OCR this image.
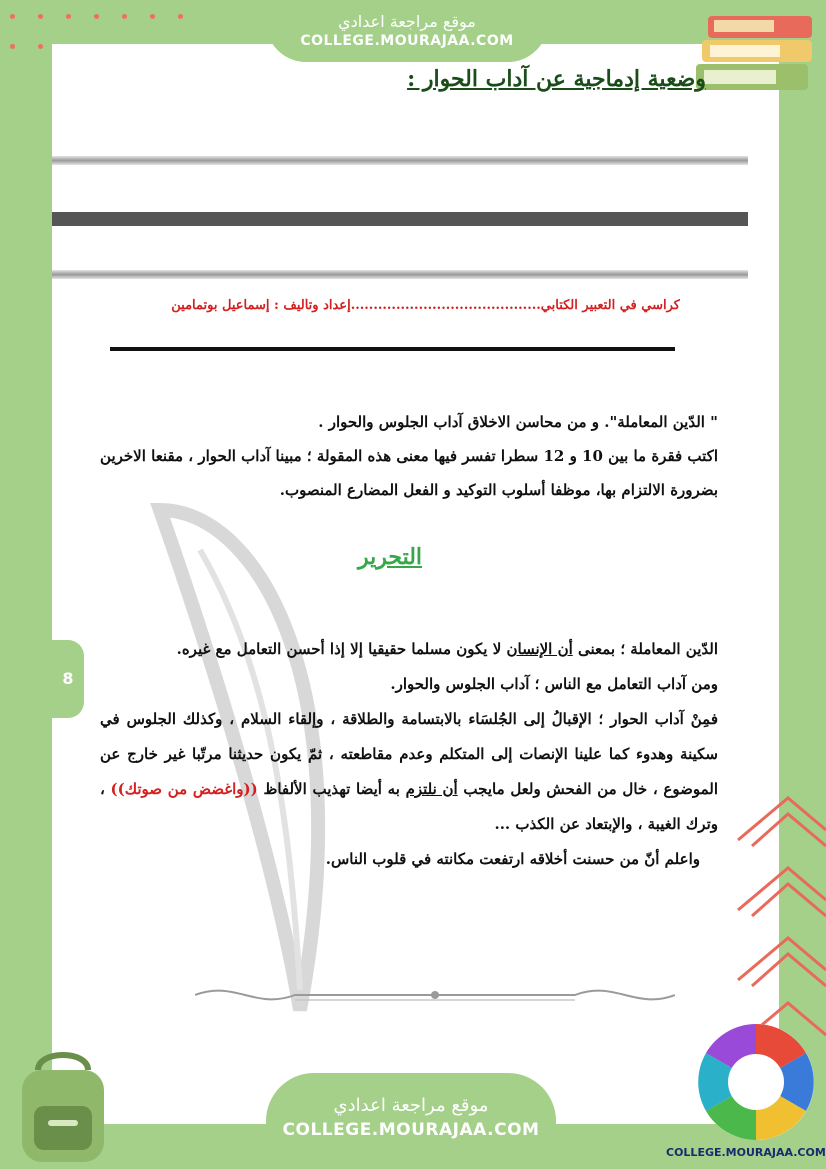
موقع مراجعة اعدادي
COLLEGE.MOURAJAA.COM
وضعية إدماجية عن آداب الحوار :
كراسي في التعبير الكتابي..........................................إعداد وتأليف : إسماعيل بوتمامين
" الدّين المعاملة". و من محاسن الاخلاق آداب الجلوس والحوار .
اكتب فقرة ما بين 10 و 12 سطرا تفسر فيها معنى هذه المقولة ؛ مبينا آداب الحوار ، مقنعا الاخرين
بضرورة الالتزام بها، موظفا أسلوب التوكيد و الفعل المضارع المنصوب.
التحرير
8

الدّين المعاملة ؛ بمعنى أن الإنسان لا يكون مسلما حقيقيا إلا إذا أحسن التعامل مع غيره.

ومن آداب التعامل مع الناس ؛ آداب الجلوس والحوار.

فمِنْ آداب الحوار ؛ الإقبالُ إلى الجُلسَاء بالابتسامة والطلاقة ، وإلقاء السلام ، وكذلك الجلوس في سكينة وهدوء كما علينا الإنصات إلى المتكلم وعدم مقاطعته ، ثمّ يكون حديثنا مرتّبا غير خارج عن الموضوع ، خال من الفحش ولعل مايجب أن نلتزم به أيضا تهذيب الألفاظ ((واغضض من صوتك)) ، وترك الغيبة ، والإبتعاد عن الكذب ...

واعلم أنّ من حسنت أخلاقه ارتفعت مكانته في قلوب الناس.

موقع مراجعة اعدادي
COLLEGE.MOURAJAA.COM
COLLEGE.MOURAJAA.COM
